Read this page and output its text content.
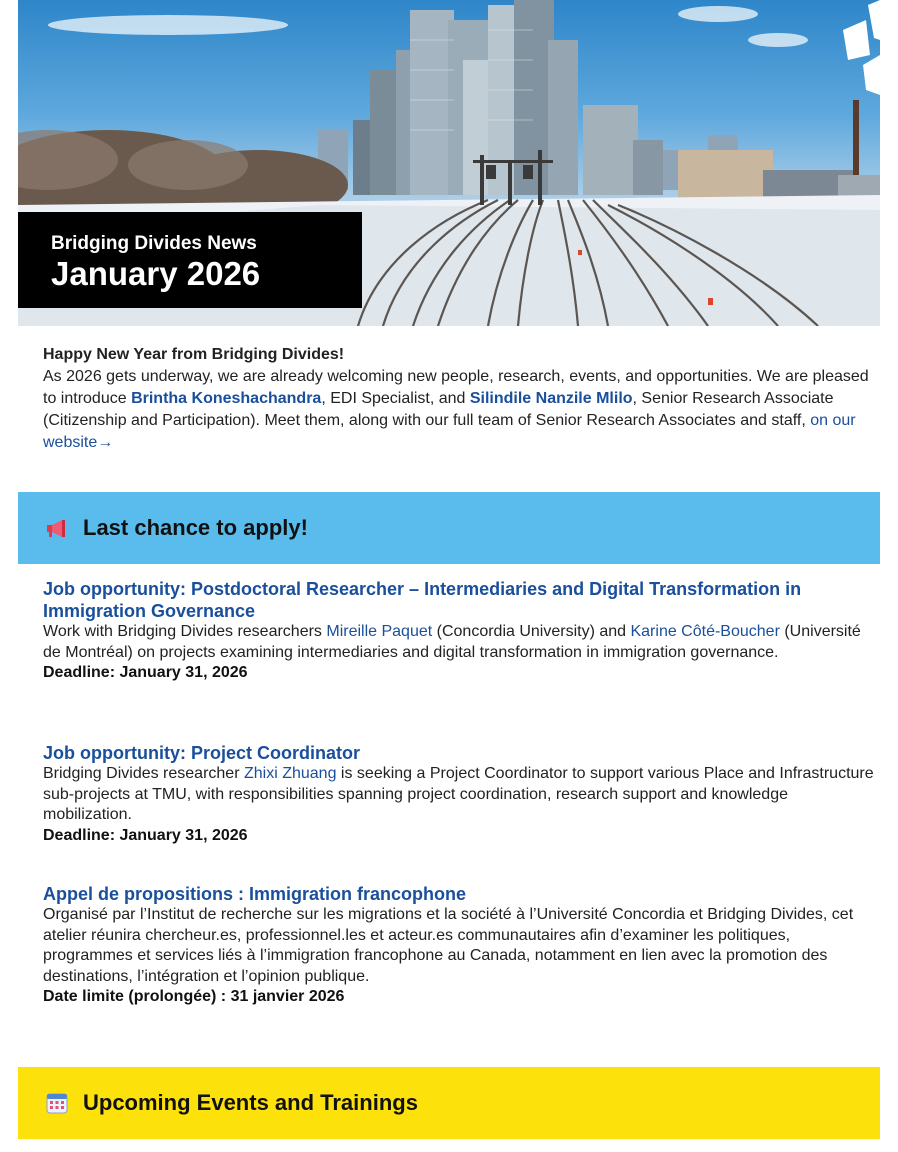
Bridging Divides News
January 2026
Happy New Year from Bridging Divides!
As 2026 gets underway, we are already welcoming new people, research, events, and opportunities. We are pleased to introduce Brintha Koneshachandra, EDI Specialist, and Silindile Nanzile Mlilo, Senior Research Associate (Citizenship and Participation). Meet them, along with our full team of Senior Research Associates and staff, on our website→
Last chance to apply!
Job opportunity: Postdoctoral Researcher – Intermediaries and Digital Transformation in Immigration Governance
Work with Bridging Divides researchers Mireille Paquet (Concordia University) and Karine Côté-Boucher (Université de Montréal) on projects examining intermediaries and digital transformation in immigration governance.
Deadline: January 31, 2026
Job opportunity: Project Coordinator
Bridging Divides researcher Zhixi Zhuang is seeking a Project Coordinator to support various Place and Infrastructure sub-projects at TMU, with responsibilities spanning project coordination, research support and knowledge mobilization.
Deadline: January 31, 2026
Appel de propositions : Immigration francophone
Organisé par l’Institut de recherche sur les migrations et la société à l’Université Concordia et Bridging Divides, cet atelier réunira chercheur.es, professionnel.les et acteur.es communautaires afin d’examiner les politiques, programmes et services liés à l’immigration francophone au Canada, notamment en lien avec la promotion des destinations, l’intégration et l’opinion publique.
Date limite (prolongée) : 31 janvier 2026
Upcoming Events and Trainings
